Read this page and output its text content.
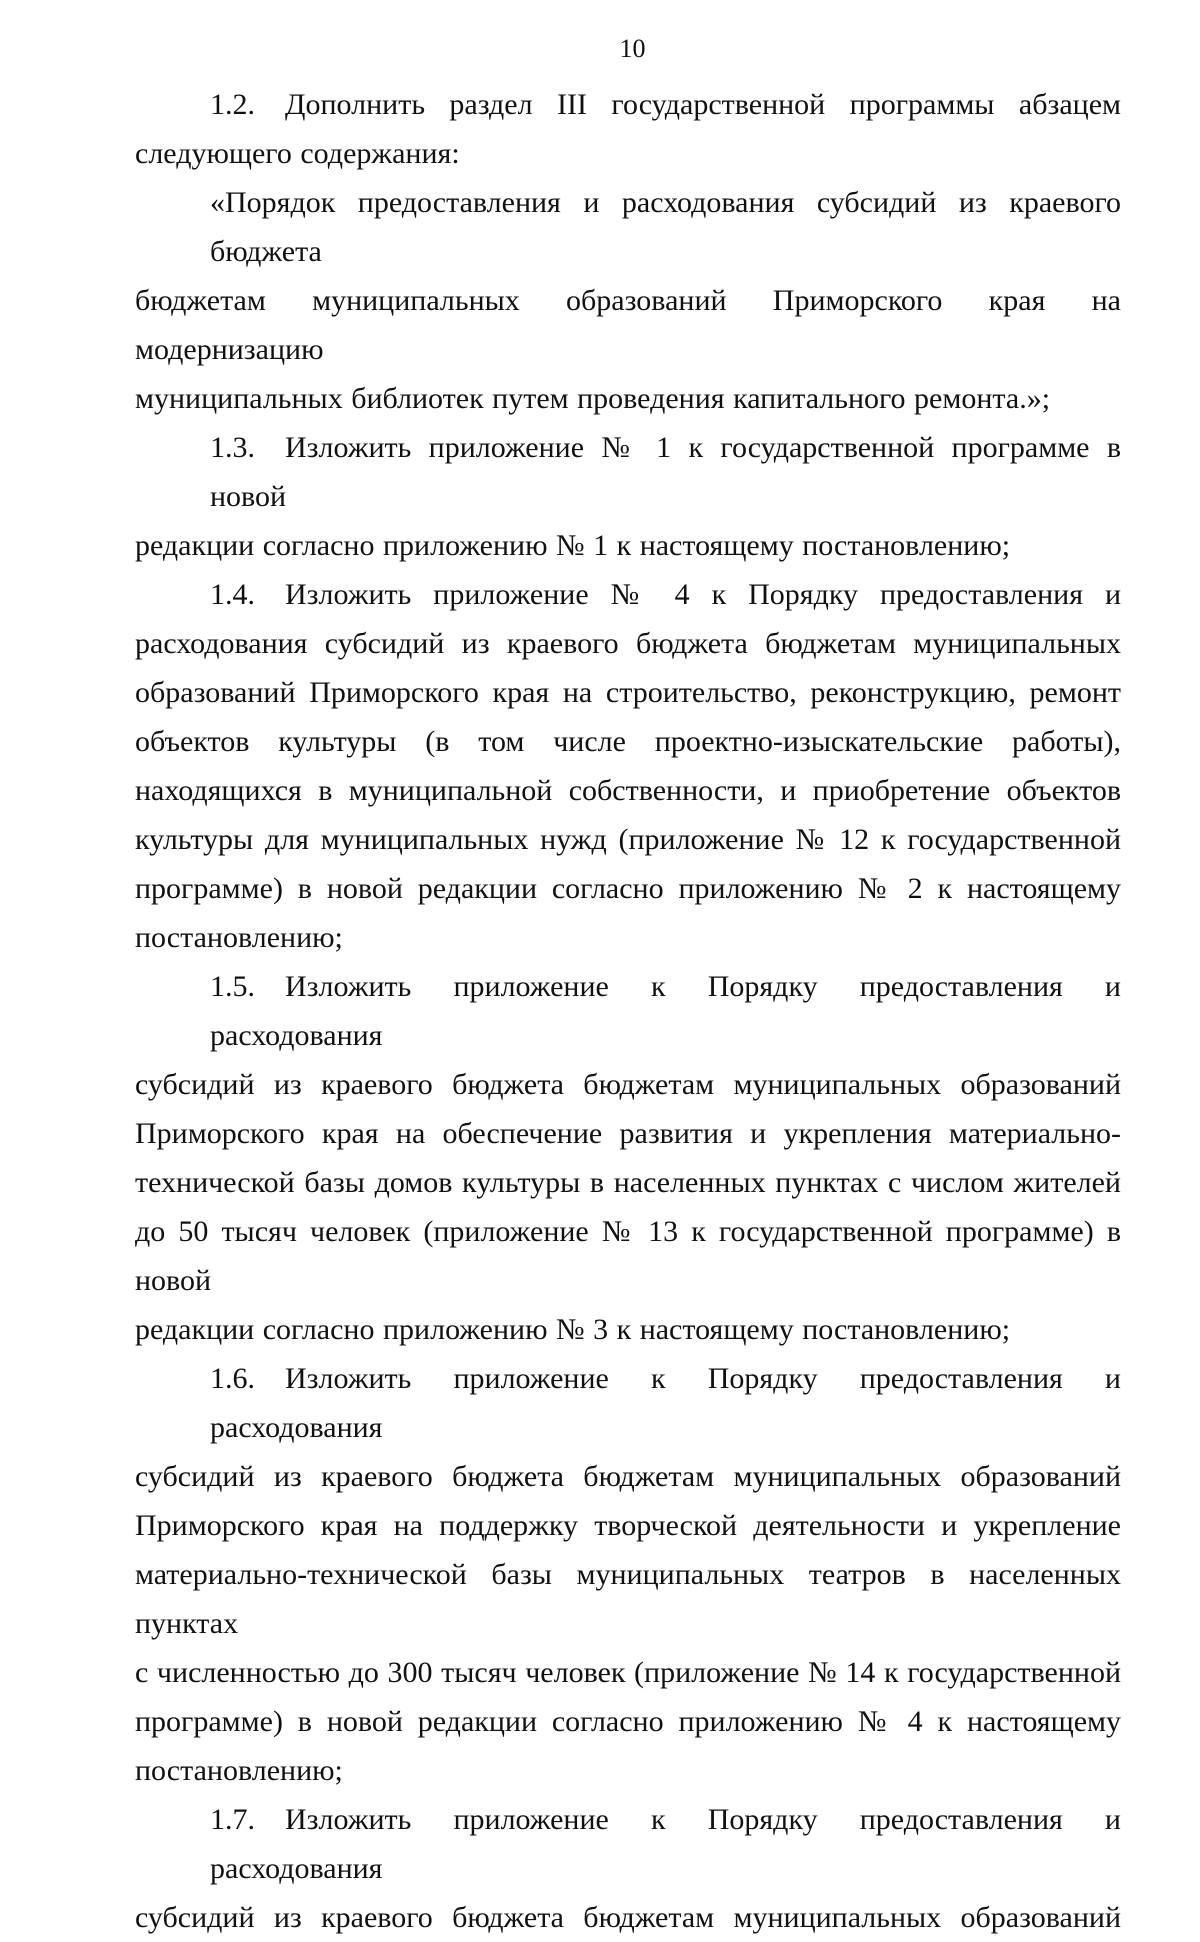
10
1.2. Дополнить раздел III государственной программы абзацем
следующего содержания:
«Порядок предоставления и расходования субсидий из краевого бюджета
бюджетам муниципальных образований Приморского края на модернизацию
муниципальных библиотек путем проведения капитального ремонта.»;
1.3. Изложить приложение № 1 к государственной программе в новой
редакции согласно приложению № 1 к настоящему постановлению;
1.4. Изложить приложение № 4 к Порядку предоставления и
расходования субсидий из краевого бюджета бюджетам муниципальных
образований Приморского края на строительство, реконструкцию, ремонт
объектов культуры (в том числе проектно-изыскательские работы),
находящихся в муниципальной собственности, и приобретение объектов
культуры для муниципальных нужд (приложение № 12 к государственной
программе) в новой редакции согласно приложению № 2 к настоящему
постановлению;
1.5. Изложить приложение к Порядку предоставления и расходования
субсидий из краевого бюджета бюджетам муниципальных образований
Приморского края на обеспечение развития и укрепления материально-
технической базы домов культуры в населенных пунктах с числом жителей
до 50 тысяч человек (приложение № 13 к государственной программе) в новой
редакции согласно приложению № 3 к настоящему постановлению;
1.6. Изложить приложение к Порядку предоставления и расходования
субсидий из краевого бюджета бюджетам муниципальных образований
Приморского края на поддержку творческой деятельности и укрепление
материально-технической базы муниципальных театров в населенных пунктах
с численностью до 300 тысяч человек (приложение № 14 к государственной
программе) в новой редакции согласно приложению № 4 к настоящему
постановлению;
1.7. Изложить приложение к Порядку предоставления и расходования
субсидий из краевого бюджета бюджетам муниципальных образований
